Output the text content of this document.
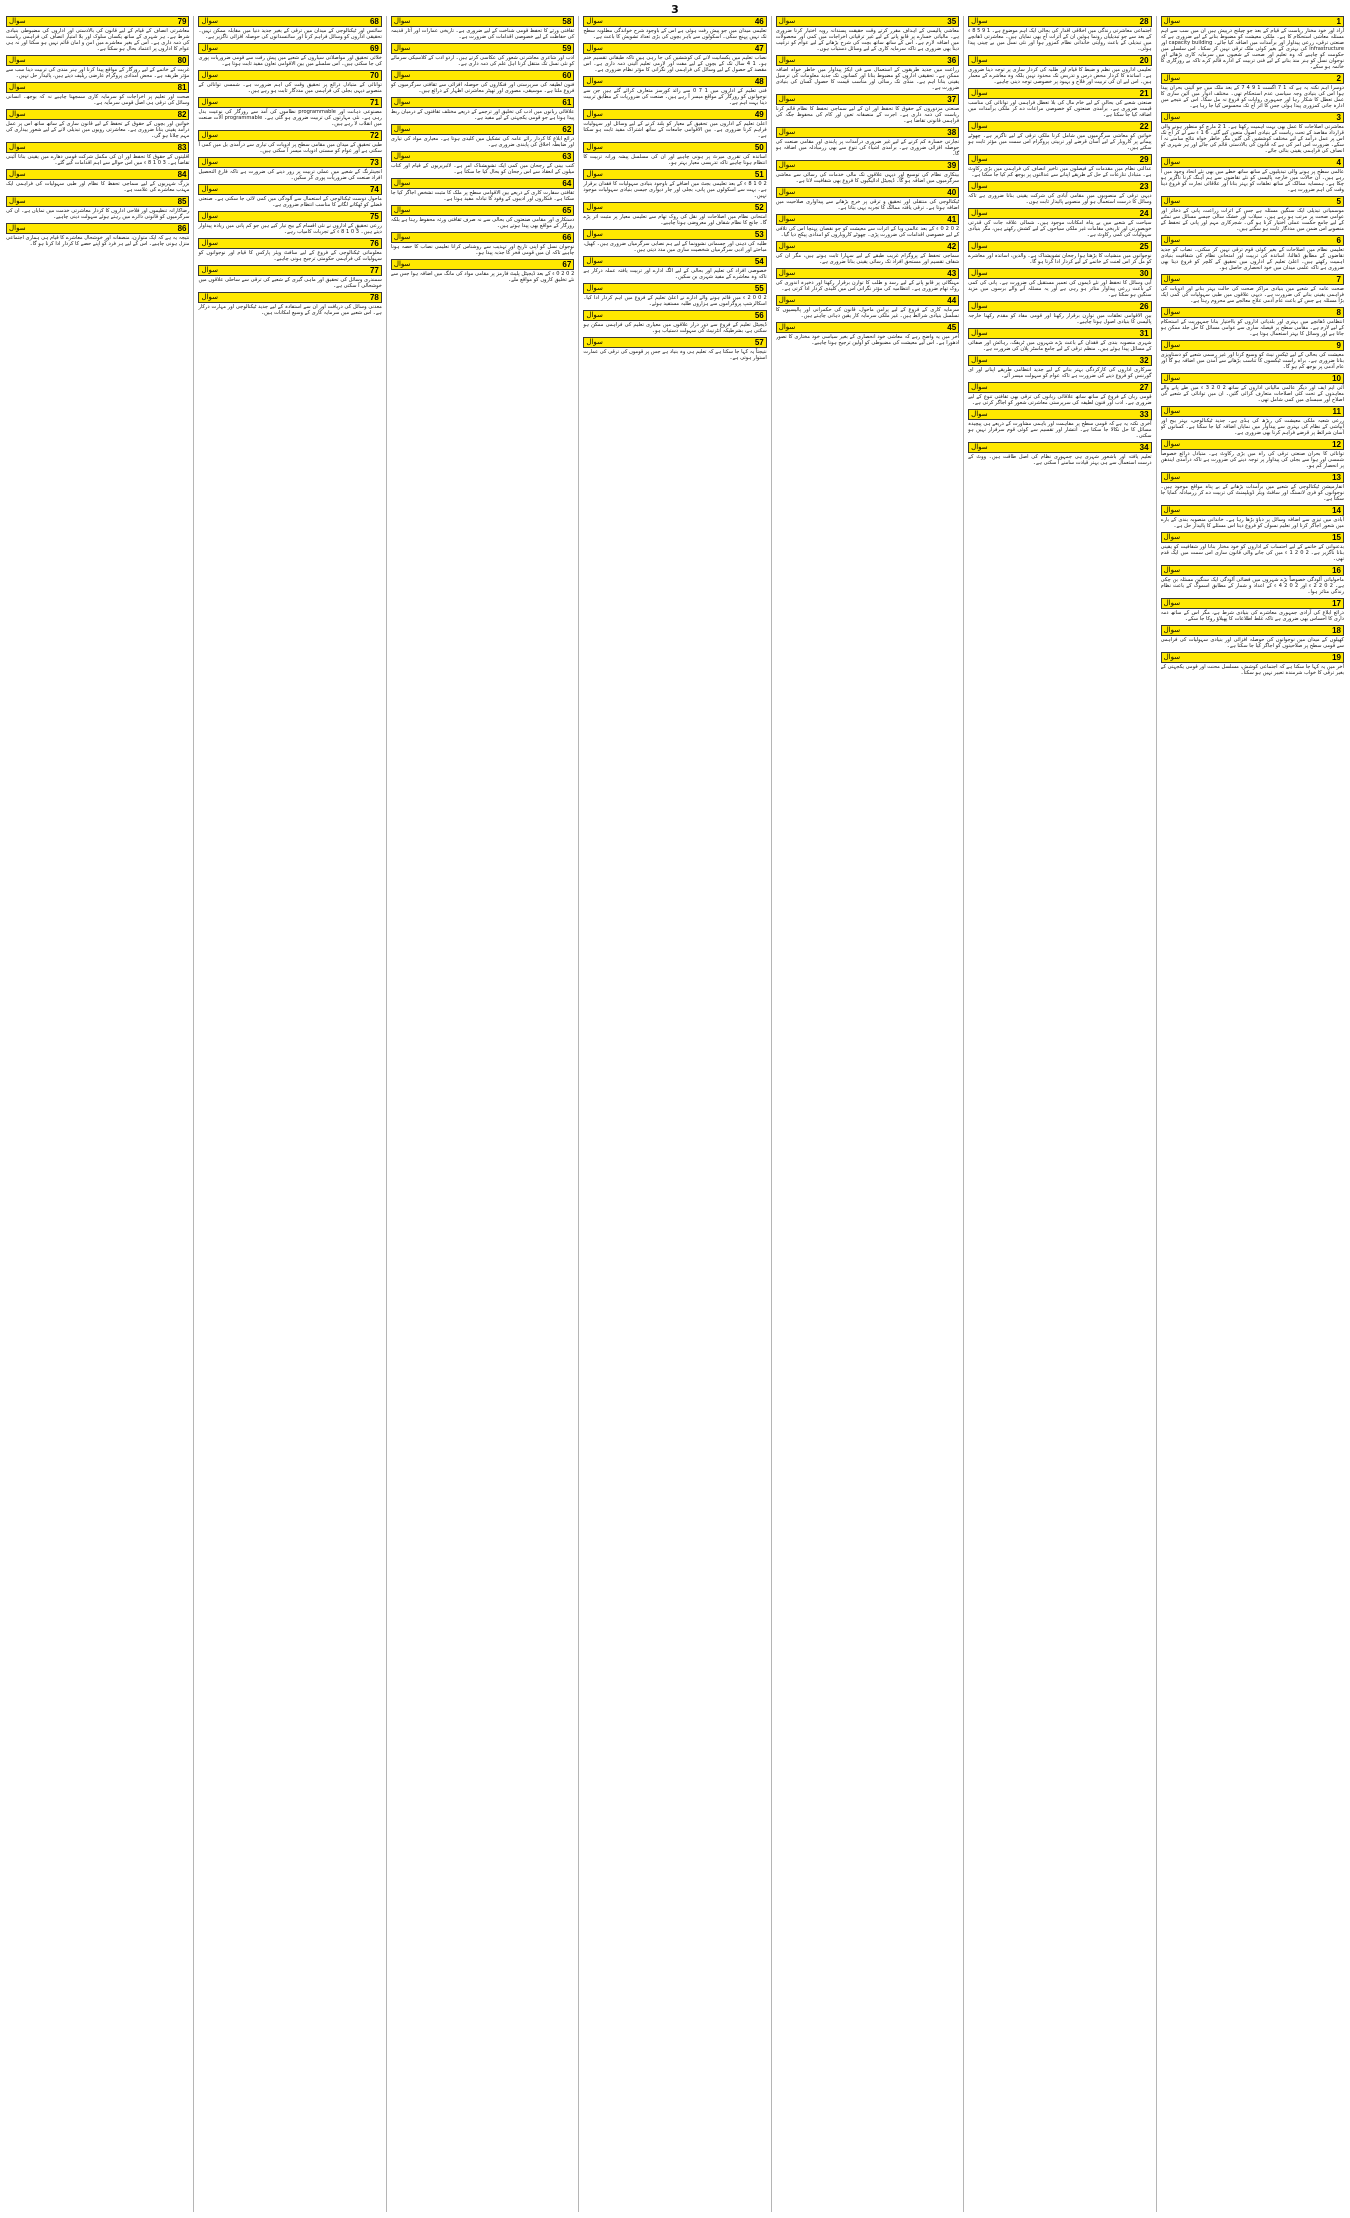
3
1
سوال
آزاد اور خود مختار ریاست کے قیام کے بعد جو چیلنج درپیش ہیں ان میں سب سے اہم مسئلہ معاشی استحکام کا ہے۔ ملکی معیشت کو مضبوط بنانے کے لیے ضروری ہے کہ صنعتی ترقی، زرعی پیداوار اور برآمدات میں اضافہ کیا جائے۔ capacity building اور infrastructure کی بہتری کے بغیر کوئی ملک ترقی نہیں کر سکتا۔ اس سلسلے میں حکومت کو چاہیے کہ وہ تعلیم اور صحت کے شعبوں میں سرمایہ کاری بڑھائے اور نوجوان نسل کو ہنر مند بنانے کے لیے فنی تربیت کے ادارے قائم کرے تاکہ بے روزگاری کا خاتمہ ہو سکے۔
2
سوال
دوسرا اہم نکتہ یہ ہے کہ 1 7 اگست 1 9 4 7 کے بعد ملک میں جو آئینی بحران پیدا ہوا اس کی بنیادی وجہ سیاسی عدم استحکام تھی۔ مختلف ادوار میں آئین سازی کا عمل تعطل کا شکار رہا اور جمہوری روایات کو فروغ نہ مل سکا۔ اس کے نتیجے میں ادارہ جاتی کمزوری پیدا ہوئی جس کا اثر آج تک محسوس کیا جا رہا ہے۔
3
سوال
معاشرتی اصلاحات کا عمل بھی بہت اہمیت رکھتا ہے۔ 1 2 مارچ کو منظور ہونے والی قرارداد مقاصد کے تحت ریاست کے بنیادی اصول متعین کیے گئے۔ 6 1 ء سے لے کر آج تک اس پر عمل درآمد کے لیے مختلف کوششیں کی گئیں مگر خاطر خواہ نتائج سامنے نہ آ سکے۔ ضرورت اس امر کی ہے کہ قانون کی بالادستی قائم کی جائے اور ہر شہری کو انصاف کی فراہمی یقینی بنائی جائے۔
4
سوال
عالمی سطح پر ہونے والی تبدیلیوں کے ساتھ ساتھ خطے میں بھی نئے اتحاد وجود میں آ رہے ہیں۔ ان حالات میں خارجہ پالیسی کو نئے تقاضوں سے ہم آہنگ کرنا ناگزیر ہو چکا ہے۔ ہمسایہ ممالک کے ساتھ تعلقات کو بہتر بنانا اور علاقائی تجارت کو فروغ دینا وقت کی اہم ضرورت ہے۔
5
سوال
موسمیاتی تبدیلی ایک سنگین مسئلہ ہے جس کے اثرات زراعت، پانی کے ذخائر اور عوامی صحت پر مرتب ہو رہے ہیں۔ سیلاب اور خشک سالی جیسے مسائل سے نمٹنے کے لیے جامع حکمت عملی اختیار کرنا ہو گی۔ شجرکاری مہم اور پانی کے تحفظ کے منصوبے اس ضمن میں مددگار ثابت ہو سکتے ہیں۔
6
سوال
تعلیمی نظام میں اصلاحات کے بغیر کوئی قوم ترقی نہیں کر سکتی۔ نصاب کو جدید تقاضوں کے مطابق ڈھالنا، اساتذہ کی تربیت اور امتحانی نظام کی شفافیت بنیادی اہمیت رکھتے ہیں۔ اعلیٰ تعلیم کے اداروں میں تحقیق کے کلچر کو فروغ دینا بھی ضروری ہے تاکہ علمی میدان میں خود انحصاری حاصل ہو۔
7
سوال
صحت عامہ کے شعبے میں بنیادی مراکز صحت کی حالت بہتر بنانے اور ادویات کی فراہمی یقینی بنانے کی ضرورت ہے۔ دیہی علاقوں میں طبی سہولیات کی کمی ایک بڑا مسئلہ ہے جس کے باعث عام آدمی علاج معالجے سے محروم رہتا ہے۔
8
سوال
انتظامی ڈھانچے میں بہتری اور بلدیاتی اداروں کو بااختیار بنانا جمہوریت کے استحکام کے لیے لازم ہے۔ مقامی سطح پر فیصلہ سازی سے عوامی مسائل کا حل جلد ممکن ہو جاتا ہے اور وسائل کا بہتر استعمال ہوتا ہے۔
9
سوال
معیشت کی بحالی کے لیے ٹیکس نیٹ کو وسیع کرنا اور غیر رسمی شعبے کو دستاویزی بنانا ضروری ہے۔ براہ راست ٹیکسوں کا تناسب بڑھانے سے آمدن میں اضافہ ہو گا اور عام آدمی پر بوجھ کم ہو گا۔
10
سوال
آئی ایم ایف اور دیگر عالمی مالیاتی اداروں کے ساتھ 2 0 2 3 ء میں طے پانے والے معاہدوں کے تحت کئی اصلاحات متعارف کرائی گئیں۔ ان میں توانائی کے شعبے کی اصلاح اور سبسڈی میں کمی شامل تھی۔
11
سوال
زرعی شعبہ ملکی معیشت کی ریڑھ کی ہڈی ہے۔ جدید ٹیکنالوجی، بہتر بیج اور آبپاشی کے نظام کی بہتری سے پیداوار میں نمایاں اضافہ کیا جا سکتا ہے۔ کسانوں کو آسان شرائط پر قرضے فراہم کرنا بھی ضروری ہے۔
12
سوال
توانائی کا بحران صنعتی ترقی کی راہ میں بڑی رکاوٹ ہے۔ متبادل ذرائع خصوصاً شمسی اور ہوا سے بجلی کی پیداوار پر توجہ دینے کی ضرورت ہے تاکہ درآمدی ایندھن پر انحصار کم ہو۔
13
سوال
انفارمیشن ٹیکنالوجی کے شعبے میں برآمدات بڑھانے کے بے پناہ مواقع موجود ہیں۔ نوجوانوں کو فری لانسنگ اور سافٹ ویئر ڈویلپمنٹ کی تربیت دے کر زرمبادلہ کمایا جا سکتا ہے۔
14
سوال
آبادی میں تیزی سے اضافہ وسائل پر دباؤ بڑھا رہا ہے۔ خاندانی منصوبہ بندی کے بارے میں شعور اجاگر کرنا اور تعلیم نسواں کو فروغ دینا اس مسئلے کا پائیدار حل ہے۔
15
سوال
بدعنوانی کے خاتمے کے لیے احتساب کے اداروں کو خود مختار بنانا اور شفافیت کو یقینی بنانا ناگزیر ہے۔ 2 0 2 1 ء میں کی جانے والی قانون سازی اس سمت میں ایک قدم تھی۔
16
سوال
ماحولیاتی آلودگی خصوصاً بڑے شہروں میں فضائی آلودگی ایک سنگین مسئلہ بن چکی ہے۔ 2 0 2 2 ء اور 2 0 2 4 ء کے اعداد و شمار کے مطابق اسموگ کے باعث نظام زندگی متاثر ہوا۔
17
سوال
ذرائع ابلاغ کی آزادی جمہوری معاشرے کی بنیادی شرط ہے، مگر اس کے ساتھ ذمہ داری کا احساس بھی ضروری ہے تاکہ غلط اطلاعات کا پھیلاؤ روکا جا سکے۔
18
سوال
کھیلوں کے میدان میں نوجوانوں کی حوصلہ افزائی اور بنیادی سہولیات کی فراہمی سے قومی سطح پر صلاحیتوں کو اجاگر کیا جا سکتا ہے۔
19
سوال
آخر میں یہ کہا جا سکتا ہے کہ اجتماعی کوشش، مسلسل محنت اور قومی یکجہتی کے بغیر ترقی کا خواب شرمندہ تعبیر نہیں ہو سکتا۔
28
سوال
اجتماعی معاشرتی زندگی میں اخلاقی اقدار کی بحالی ایک اہم موضوع ہے۔ 1 9 5 8 ء کے بعد سے جو تبدیلیاں رونما ہوئیں ان کے اثرات آج بھی نمایاں ہیں۔ معاشرتی ڈھانچے میں تبدیلی کے باعث روایتی خاندانی نظام کمزور ہوا اور نئی نسل میں بے چینی پیدا ہوئی۔
20
سوال
تعلیمی اداروں میں نظم و ضبط کا قیام اور طلبہ کی کردار سازی پر توجہ دینا ضروری ہے۔ اساتذہ کا کردار محض درس و تدریس تک محدود نہیں بلکہ وہ معاشرے کے معمار ہیں۔ اس لیے ان کی تربیت اور فلاح و بہبود پر خصوصی توجہ دینی چاہیے۔
21
سوال
صنعتی شعبے کی بحالی کے لیے خام مال کی بلا تعطل فراہمی اور توانائی کی مناسب قیمت ضروری ہے۔ برآمدی صنعتوں کو خصوصی مراعات دے کر ملکی برآمدات میں اضافہ کیا جا سکتا ہے۔
22
سوال
خواتین کو معاشی سرگرمیوں میں شامل کرنا ملکی ترقی کے لیے ناگزیر ہے۔ چھوٹے پیمانے پر کاروبار کے لیے آسان قرضے اور تربیتی پروگرام اس سمت میں مؤثر ثابت ہو سکتے ہیں۔
29
سوال
عدالتی نظام میں مقدمات کے فیصلوں میں تاخیر انصاف کی فراہمی میں بڑی رکاوٹ ہے۔ متبادل تنازعات کے حل کے طریقے اپنانے سے عدالتوں پر بوجھ کم کیا جا سکتا ہے۔
23
سوال
دیہی ترقی کے منصوبوں میں مقامی آبادی کی شرکت یقینی بنانا ضروری ہے تاکہ وسائل کا درست استعمال ہو اور منصوبے پائیدار ثابت ہوں۔
24
سوال
سیاحت کے شعبے میں بے پناہ امکانات موجود ہیں۔ شمالی علاقہ جات کی قدرتی خوبصورتی اور تاریخی مقامات غیر ملکی سیاحوں کے لیے کشش رکھتے ہیں، مگر بنیادی سہولیات کی کمی رکاوٹ ہے۔
25
سوال
نوجوانوں میں منشیات کا بڑھتا ہوا رجحان تشویشناک ہے۔ والدین، اساتذہ اور معاشرے کو مل کر اس لعنت کے خاتمے کے لیے کردار ادا کرنا ہو گا۔
30
سوال
آبی وسائل کا تحفظ اور نئے ڈیموں کی تعمیر مستقبل کی ضرورت ہے۔ پانی کی کمی کے باعث زرعی پیداوار متاثر ہو رہی ہے اور یہ مسئلہ آنے والے برسوں میں مزید سنگین ہو سکتا ہے۔
26
سوال
بین الاقوامی تعلقات میں توازن برقرار رکھنا اور قومی مفاد کو مقدم رکھنا خارجہ پالیسی کا بنیادی اصول ہونا چاہیے۔
31
سوال
شہری منصوبہ بندی کے فقدان کے باعث بڑے شہروں میں ٹریفک، رہائش اور صفائی کے مسائل پیدا ہوئے ہیں۔ منظم ترقی کے لیے جامع ماسٹر پلان کی ضرورت ہے۔
32
سوال
سرکاری اداروں کی کارکردگی بہتر بنانے کے لیے جدید انتظامی طریقے اپنانے اور ای گورننس کو فروغ دینے کی ضرورت ہے تاکہ عوام کو سہولت میسر آئے۔
27
سوال
قومی زبان کے فروغ کے ساتھ ساتھ علاقائی زبانوں کی ترقی بھی ثقافتی تنوع کے لیے ضروری ہے۔ ادب اور فنون لطیفہ کی سرپرستی معاشرتی شعور کو اجاگر کرتی ہے۔
33
سوال
آخری نکتہ یہ ہے کہ قومی سطح پر مفاہمت اور باہمی مشاورت کے ذریعے ہی پیچیدہ مسائل کا حل نکالا جا سکتا ہے۔ انتشار اور تقسیم سے کوئی قوم سرفراز نہیں ہو سکتی۔
34
سوال
تعلیم یافتہ اور باشعور شہری ہی جمہوری نظام کی اصل طاقت ہیں۔ ووٹ کے درست استعمال سے ہی بہتر قیادت سامنے آ سکتی ہے۔
35
سوال
معاشی پالیسی کے اہداف مقرر کرتے وقت حقیقت پسندانہ رویہ اختیار کرنا ضروری ہے۔ مالیاتی خسارے پر قابو پانے کے لیے غیر ترقیاتی اخراجات میں کمی اور محصولات میں اضافہ لازم ہے۔ اس کے ساتھ ساتھ بچت کی شرح بڑھانے کے لیے عوام کو ترغیب دینا بھی ضروری ہے تاکہ سرمایہ کاری کے لیے وسائل دستیاب ہوں۔
36
سوال
زراعت میں جدید طریقوں کے استعمال سے فی ایکڑ پیداوار میں خاطر خواہ اضافہ ممکن ہے۔ تحقیقی اداروں کو مضبوط بنانا اور کسانوں تک جدید معلومات کی ترسیل یقینی بنانا اہم ہے۔ منڈی تک رسائی اور مناسب قیمت کا حصول کسان کی بنیادی ضرورت ہے۔
37
سوال
صنعتی مزدوروں کے حقوق کا تحفظ اور ان کے لیے سماجی تحفظ کا نظام قائم کرنا ریاست کی ذمہ داری ہے۔ اجرت کے منصفانہ تعین اور کام کی محفوظ جگہ کی فراہمی قانونی تقاضا ہے۔
38
سوال
تجارتی خسارہ کم کرنے کے لیے غیر ضروری درآمدات پر پابندی اور مقامی صنعت کی حوصلہ افزائی ضروری ہے۔ برآمدی اشیاء کی تنوع سے بھی زرمبادلہ میں اضافہ ہو گا۔
39
سوال
بینکاری نظام کی توسیع اور دیہی علاقوں تک مالی خدمات کی رسائی سے معاشی سرگرمیوں میں اضافہ ہو گا۔ ڈیجیٹل ادائیگیوں کا فروغ بھی شفافیت لاتا ہے۔
40
سوال
ٹیکنالوجی کی منتقلی اور تحقیق و ترقی پر خرچ بڑھانے سے پیداواری صلاحیت میں اضافہ ہوتا ہے۔ ترقی یافتہ ممالک کا تجربہ یہی بتاتا ہے۔
41
سوال
2 0 2 0 ء کے بعد عالمی وبا کے اثرات سے معیشت کو جو نقصان پہنچا اس کی تلافی کے لیے خصوصی اقدامات کی ضرورت پڑی۔ چھوٹے کاروباروں کو امدادی پیکج دیا گیا۔
42
سوال
سماجی تحفظ کے پروگرام غریب طبقے کے لیے سہارا ثابت ہوتے ہیں، مگر ان کی شفاف تقسیم اور مستحق افراد تک رسائی یقینی بنانا ضروری ہے۔
43
سوال
مہنگائی پر قابو پانے کے لیے رسد و طلب کا توازن برقرار رکھنا اور ذخیرہ اندوزی کی روک تھام ضروری ہے۔ انتظامیہ کی مؤثر نگرانی اس میں کلیدی کردار ادا کرتی ہے۔
44
سوال
سرمایہ کاری کے فروغ کے لیے پرامن ماحول، قانون کی حکمرانی اور پالیسیوں کا تسلسل بنیادی شرائط ہیں۔ غیر ملکی سرمایہ کار یقین دہانی چاہتے ہیں۔
45
سوال
آخر میں یہ واضح رہے کہ معاشی خود انحصاری کے بغیر سیاسی خود مختاری کا تصور ادھورا ہے۔ اس لیے معیشت کی مضبوطی کو اولین ترجیح ہونا چاہیے۔
46
سوال
تعلیمی میدان میں جو پیش رفت ہوئی ہے اس کے باوجود شرح خواندگی مطلوبہ سطح تک نہیں پہنچ سکی۔ اسکولوں سے باہر بچوں کی بڑی تعداد تشویش کا باعث ہے۔
47
سوال
نصاب تعلیم میں یکسانیت لانے کی کوششیں کی جا رہی ہیں تاکہ طبقاتی تقسیم ختم ہو۔ 1 4 سال تک کے بچوں کے لیے مفت اور لازمی تعلیم آئینی ذمہ داری ہے۔ اس مقصد کے حصول کے لیے وسائل کی فراہمی اور نگرانی کا مؤثر نظام ضروری ہے۔
48
سوال
فنی تعلیم کے اداروں میں 1 7 0 سے زائد کورسز متعارف کرائے گئے ہیں جن سے نوجوانوں کو روزگار کے مواقع میسر آ رہے ہیں۔ صنعت کی ضروریات کے مطابق تربیت دینا بہت اہم ہے۔
49
سوال
اعلیٰ تعلیم کے اداروں میں تحقیق کے معیار کو بلند کرنے کے لیے وسائل اور سہولیات فراہم کرنا ضروری ہے۔ بین الاقوامی جامعات کے ساتھ اشتراک مفید ثابت ہو سکتا ہے۔
50
سوال
اساتذہ کی تقرری میرٹ پر ہونی چاہیے اور ان کی مسلسل پیشہ ورانہ تربیت کا انتظام ہونا چاہیے تاکہ تدریسی معیار بہتر ہو۔
51
سوال
2 0 1 8 ء کے بعد تعلیمی بجٹ میں اضافے کے باوجود بنیادی سہولیات کا فقدان برقرار ہے۔ بہت سے اسکولوں میں پانی، بجلی اور چار دیواری جیسی بنیادی سہولیات موجود نہیں۔
52
سوال
امتحانی نظام میں اصلاحات اور نقل کی روک تھام سے تعلیمی معیار پر مثبت اثر پڑے گا۔ جانچ کا نظام شفاف اور معروضی ہونا چاہیے۔
53
سوال
طلبہ کی ذہنی اور جسمانی نشوونما کے لیے ہم نصابی سرگرمیاں ضروری ہیں۔ کھیل، مباحثے اور ادبی سرگرمیاں شخصیت سازی میں مدد دیتی ہیں۔
54
سوال
خصوصی افراد کی تعلیم اور بحالی کے لیے الگ ادارے اور تربیت یافتہ عملہ درکار ہے تاکہ وہ معاشرے کے مفید شہری بن سکیں۔
55
سوال
2 0 0 2 ء میں قائم ہونے والے ادارے نے اعلیٰ تعلیم کے فروغ میں اہم کردار ادا کیا۔ اسکالرشپ پروگراموں سے ہزاروں طلبہ مستفید ہوئے۔
56
سوال
ڈیجیٹل تعلیم کے فروغ سے دور دراز علاقوں میں معیاری تعلیم کی فراہمی ممکن ہو سکتی ہے، بشرطیکہ انٹرنیٹ کی سہولت دستیاب ہو۔
57
سوال
نتیجتاً یہ کہا جا سکتا ہے کہ تعلیم ہی وہ بنیاد ہے جس پر قوموں کی ترقی کی عمارت استوار ہوتی ہے۔
58
سوال
ثقافتی ورثے کا تحفظ قومی شناخت کے لیے ضروری ہے۔ تاریخی عمارات اور آثار قدیمہ کی حفاظت کے لیے خصوصی اقدامات کی ضرورت ہے۔
59
سوال
ادب اور شاعری معاشرتی شعور کی عکاسی کرتے ہیں۔ اردو ادب کے کلاسیکی سرمائے کو نئی نسل تک منتقل کرنا اہل علم کی ذمہ داری ہے۔
60
سوال
فنون لطیفہ کی سرپرستی اور فنکاروں کی حوصلہ افزائی سے ثقافتی سرگرمیوں کو فروغ ملتا ہے۔ موسیقی، مصوری اور تھیٹر معاشرتی اظہار کے ذرائع ہیں۔
61
سوال
علاقائی زبانوں میں ادب کی تخلیق اور ترجمے کے ذریعے مختلف ثقافتوں کے درمیان ربط پیدا ہوتا ہے جو قومی یکجہتی کے لیے مفید ہے۔
62
سوال
ذرائع ابلاغ کا کردار رائے عامہ کی تشکیل میں کلیدی ہوتا ہے۔ معیاری مواد کی تیاری اور ضابطہ اخلاق کی پابندی ضروری ہے۔
63
سوال
کتب بینی کے رجحان میں کمی ایک تشویشناک امر ہے۔ لائبریریوں کے قیام اور کتاب میلوں کے انعقاد سے اس رجحان کو بحال کیا جا سکتا ہے۔
64
سوال
ثقافتی سفارت کاری کے ذریعے بین الاقوامی سطح پر ملک کا مثبت تشخص اجاگر کیا جا سکتا ہے۔ فنکاروں اور ادیبوں کے وفود کا تبادلہ مفید ہوتا ہے۔
65
سوال
دستکاری اور مقامی صنعتوں کی بحالی سے نہ صرف ثقافتی ورثہ محفوظ رہتا ہے بلکہ روزگار کے مواقع بھی پیدا ہوتے ہیں۔
66
سوال
نوجوان نسل کو اپنی تاریخ اور تہذیب سے روشناس کرانا تعلیمی نصاب کا حصہ ہونا چاہیے تاکہ ان میں قومی فخر کا جذبہ پیدا ہو۔
67
سوال
2 0 2 0 ء کے بعد ڈیجیٹل پلیٹ فارمز پر مقامی مواد کی مانگ میں اضافہ ہوا جس سے نئے تخلیق کاروں کو مواقع ملے۔
68
سوال
سائنس اور ٹیکنالوجی کے میدان میں ترقی کے بغیر جدید دنیا میں مقابلہ ممکن نہیں۔ تحقیقی اداروں کو وسائل فراہم کرنا اور سائنسدانوں کی حوصلہ افزائی ناگزیر ہے۔
69
سوال
خلائی تحقیق اور مواصلاتی سیاروں کے شعبے میں پیش رفت سے قومی ضروریات پوری کی جا سکتی ہیں۔ اس سلسلے میں بین الاقوامی تعاون مفید ثابت ہوتا ہے۔
70
سوال
توانائی کے متبادل ذرائع پر تحقیق وقت کی اہم ضرورت ہے۔ شمسی توانائی کے منصوبے دیہی بجلی کی فراہمی میں مددگار ثابت ہو رہے ہیں۔
71
سوال
مصنوعی ذہانت اور programmable نظاموں کی آمد سے روزگار کی نوعیت بدل رہی ہے۔ نئی مہارتوں کی تربیت ضروری ہو گئی ہے۔ programmable آلات صنعت میں انقلاب لا رہے ہیں۔
72
سوال
طبی تحقیق کے میدان میں مقامی سطح پر ادویات کی تیاری سے درآمدی بل میں کمی آ سکتی ہے اور عوام کو سستی ادویات میسر آ سکتی ہیں۔
73
سوال
انجینئرنگ کے شعبے میں عملی تربیت پر زور دینے کی ضرورت ہے تاکہ فارغ التحصیل افراد صنعت کی ضروریات پوری کر سکیں۔
74
سوال
ماحول دوست ٹیکنالوجی کے استعمال سے آلودگی میں کمی لائی جا سکتی ہے۔ صنعتی فضلے کو ٹھکانے لگانے کا مناسب انتظام ضروری ہے۔
75
سوال
زرعی تحقیق کے اداروں نے نئی اقسام کے بیج تیار کیے ہیں جو کم پانی میں زیادہ پیداوار دیتے ہیں۔ 3 0 1 8 ء کے تجربات کامیاب رہے۔
76
سوال
معلوماتی ٹیکنالوجی کے فروغ کے لیے سافٹ ویئر پارکس کا قیام اور نوجوانوں کو سہولیات کی فراہمی حکومتی ترجیح ہونی چاہیے۔
77
سوال
سمندری وسائل کی تحقیق اور ماہی گیری کے شعبے کی ترقی سے ساحلی علاقوں میں خوشحالی آ سکتی ہے۔
78
سوال
معدنی وسائل کی دریافت اور ان سے استفادہ کے لیے جدید ٹیکنالوجی اور مہارت درکار ہے۔ اس شعبے میں سرمایہ کاری کے وسیع امکانات ہیں۔
79
سوال
معاشرتی انصاف کے قیام کے لیے قانون کی بالادستی اور اداروں کی مضبوطی بنیادی شرط ہے۔ ہر شہری کے ساتھ یکساں سلوک اور بلا امتیاز انصاف کی فراہمی ریاست کی ذمہ داری ہے۔ اس کے بغیر معاشرے میں امن و امان قائم نہیں ہو سکتا اور نہ ہی عوام کا اداروں پر اعتماد بحال ہو سکتا ہے۔
80
سوال
غربت کے خاتمے کے لیے روزگار کے مواقع پیدا کرنا اور ہنر مندی کی تربیت دینا سب سے مؤثر طریقہ ہے۔ محض امدادی پروگرام عارضی ریلیف دیتے ہیں، پائیدار حل نہیں۔
81
سوال
صحت اور تعلیم پر اخراجات کو سرمایہ کاری سمجھنا چاہیے نہ کہ بوجھ۔ انسانی وسائل کی ترقی ہی اصل قومی سرمایہ ہے۔
82
سوال
خواتین اور بچوں کے حقوق کے تحفظ کے لیے قانون سازی کے ساتھ ساتھ اس پر عمل درآمد یقینی بنانا ضروری ہے۔ معاشرتی رویوں میں تبدیلی لانے کے لیے شعور بیداری کی مہم چلانا ہو گی۔
83
سوال
اقلیتوں کے حقوق کا تحفظ اور ان کی مکمل شرکت قومی دھارے میں یقینی بنانا آئینی تقاضا ہے۔ 3 0 1 8 ء میں اس حوالے سے اہم اقدامات کیے گئے۔
84
سوال
بزرگ شہریوں کے لیے سماجی تحفظ کا نظام اور طبی سہولیات کی فراہمی ایک مہذب معاشرے کی علامت ہے۔
85
سوال
رضاکارانہ تنظیموں اور فلاحی اداروں کا کردار معاشرتی خدمت میں نمایاں ہے۔ ان کی سرگرمیوں کو قانونی دائرے میں رہتے ہوئے سہولت دینی چاہیے۔
86
سوال
نتیجہ یہ ہے کہ ایک متوازن، منصفانہ اور خوشحال معاشرے کا قیام ہی ہماری اجتماعی منزل ہونی چاہیے۔ اس کے لیے ہر فرد کو اپنے حصے کا کردار ادا کرنا ہو گا۔
